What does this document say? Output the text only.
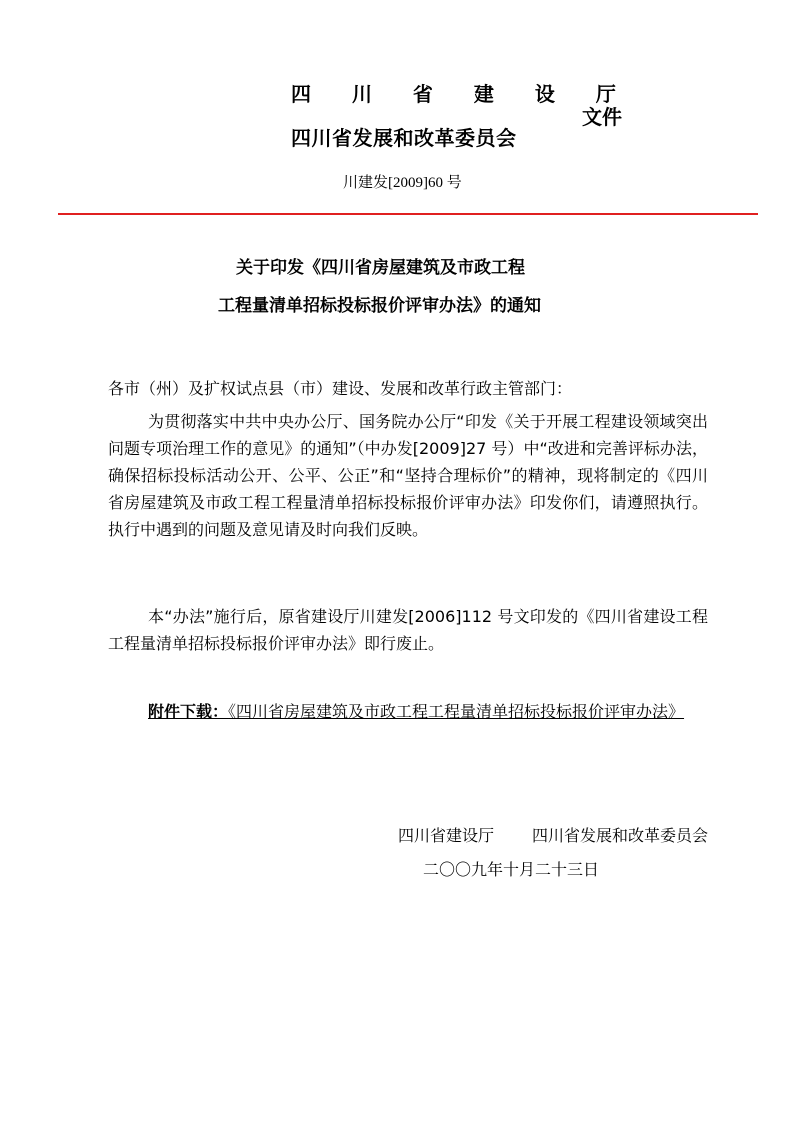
四 川 省 建 设 厅
四川省发展和改革委员会
文件
川建发[2009]60 号
关于印发《四川省房屋建筑及市政工程
工程量清单招标投标报价评审办法》的通知
各市（州）及扩权试点县（市）建设、发展和改革行政主管部门：
为贯彻落实中共中央办公厅、国务院办公厅“印发《关于开展工程建设领域突出问题专项治理工作的意见》的通知”（中办发[2009]27 号）中“改进和完善评标办法，确保招标投标活动公开、公平、公正”和“坚持合理标价”的精神，现将制定的《四川省房屋建筑及市政工程工程量清单招标投标报价评审办法》印发你们，请遵照执行。执行中遇到的问题及意见请及时向我们反映。
本“办法”施行后，原省建设厅川建发[2006]112 号文印发的《四川省建设工程工程量清单招标投标报价评审办法》即行废止。
附件下载：《四川省房屋建筑及市政工程工程量清单招标投标报价评审办法》
四川省建设厅 四川省发展和改革委员会
二〇〇九年十月二十三日
